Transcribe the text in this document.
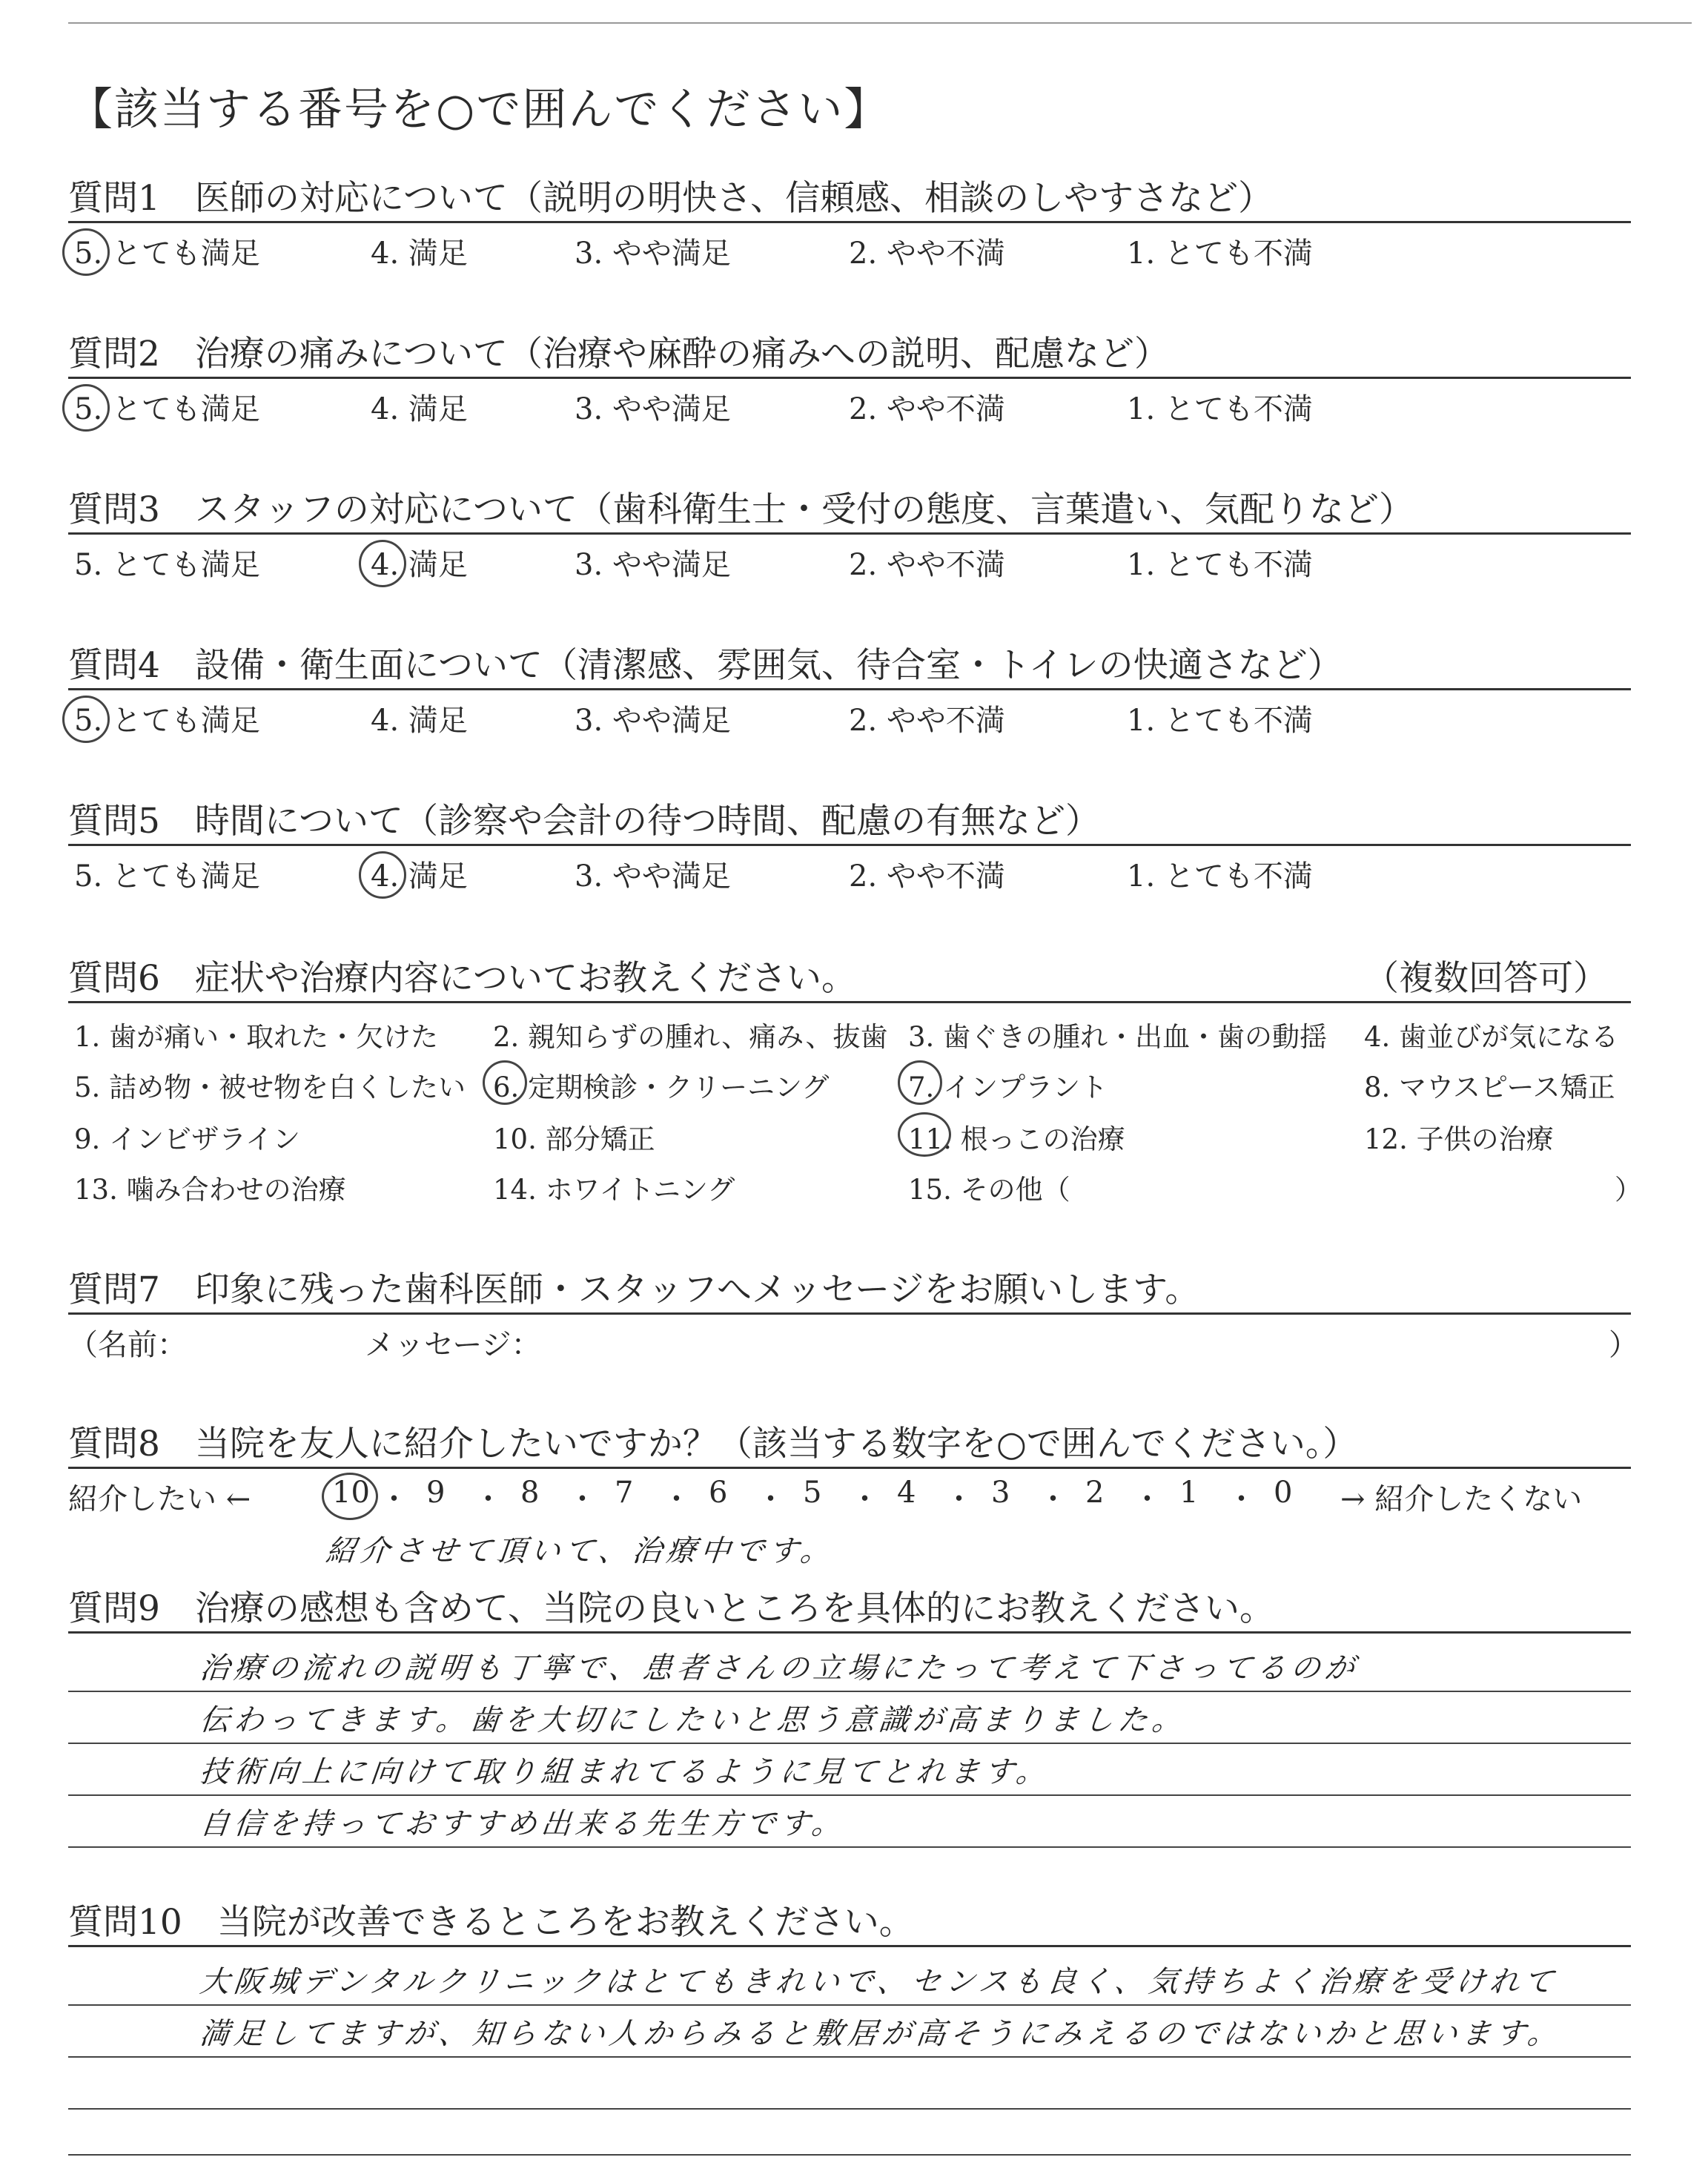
【該当する番号を○で囲んでください】
質問1　医師の対応について（説明の明快さ、信頼感、相談のしやすさなど）
5. とても満足	4. 満足	3. やや満足	2. やや不満	1. とても不満
質問2　治療の痛みについて（治療や麻酔の痛みへの説明、配慮など）
5. とても満足	4. 満足	3. やや満足	2. やや不満	1. とても不満
質問3　スタッフの対応について（歯科衛生士・受付の態度、言葉遣い、気配りなど）
5. とても満足	4. 満足	3. やや満足	2. やや不満	1. とても不満
質問4　設備・衛生面について（清潔感、雰囲気、待合室・トイレの快適さなど）
5. とても満足	4. 満足	3. やや満足	2. やや不満	1. とても不満
質問5　時間について（診察や会計の待つ時間、配慮の有無など）
5. とても満足	4. 満足	3. やや満足	2. やや不満	1. とても不満
質問6　症状や治療内容についてお教えください。	（複数回答可）
1. 歯が痛い・取れた・欠けた 2. 親知らずの腫れ、痛み、抜歯 3. 歯ぐきの腫れ・出血・歯の動揺 4. 歯並びが気になる
5. 詰め物・被せ物を白くしたい 6. 定期検診・クリーニング	7. インプラント	8. マウスピース矯正
9. インビザライン	10. 部分矯正	11. 根っこの治療	12. 子供の治療
13. 噛み合わせの治療	14. ホワイトニング	15. その他（	）
質問7　印象に残った歯科医師・スタッフへメッセージをお願いします。
（名前：	メッセージ：	）
質問8　当院を友人に紹介したいですか？（該当する数字を○で囲んでください。）
紹介したい ←	→ 紹介したくない
10 ・ 9 ・ 8 ・ 7 ・ 6 ・ 5 ・ 4 ・ 3 ・ 2 ・ 1 ・ 0
紹介させて頂いて、治療中です。
質問9　治療の感想も含めて、当院の良いところを具体的にお教えください。
治療の流れの説明も丁寧で、患者さんの立場にたって考えて下さってるのが
伝わってきます。歯を大切にしたいと思う意識が高まりました。
技術向上に向けて取り組まれてるように見てとれます。
自信を持っておすすめ出来る先生方です。
質問10　当院が改善できるところをお教えください。
大阪城デンタルクリニックはとてもきれいで、センスも良く、気持ちよく治療を受けれて
満足してますが、知らない人からみると敷居が高そうにみえるのではないかと思います。
